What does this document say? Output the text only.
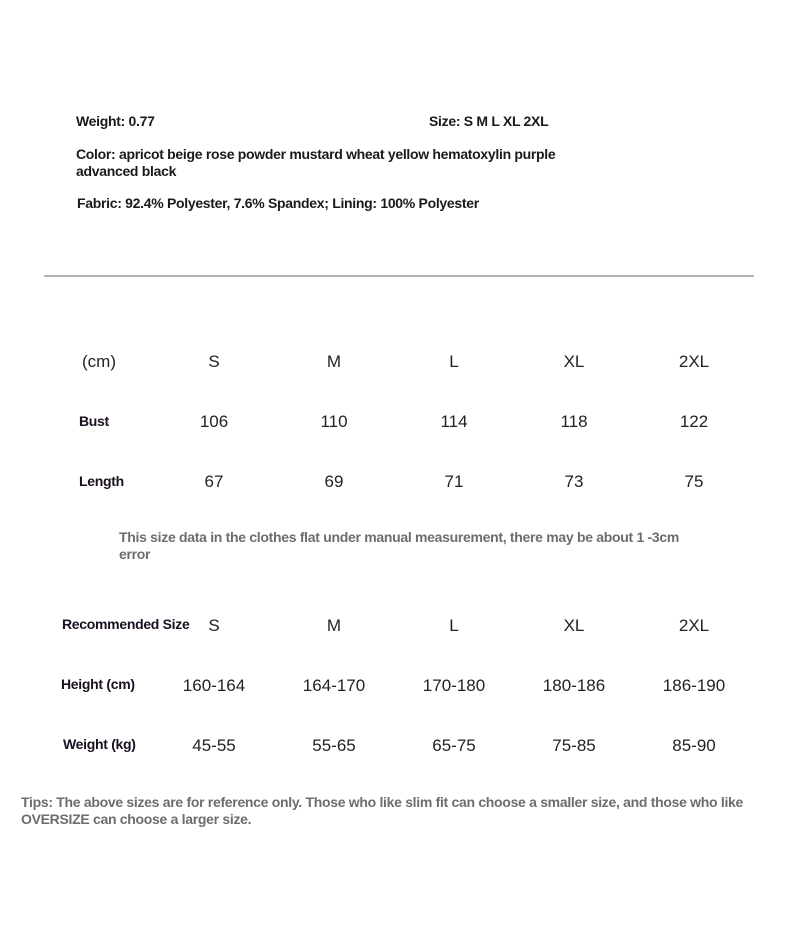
Weight: 0.77	Size: S M L XL 2XL
Color: apricot beige rose powder mustard wheat yellow hematoxylin purple advanced black
Fabric: 92.4% Polyester, 7.6% Spandex; Lining: 100% Polyester
(cm)	S	M	L	XL	2XL
Bust	106	110	114	118	122
Length	67	69	71	73	75
This size data in the clothes flat under manual measurement, there may be about 1 -3cm error
Recommended Size	S	M	L	XL	2XL
Height (cm)	160-164	164-170	170-180	180-186	186-190
Weight (kg)	45-55	55-65	65-75	75-85	85-90
Tips: The above sizes are for reference only. Those who like slim fit can choose a smaller size, and those who like OVERSIZE can choose a larger size.
